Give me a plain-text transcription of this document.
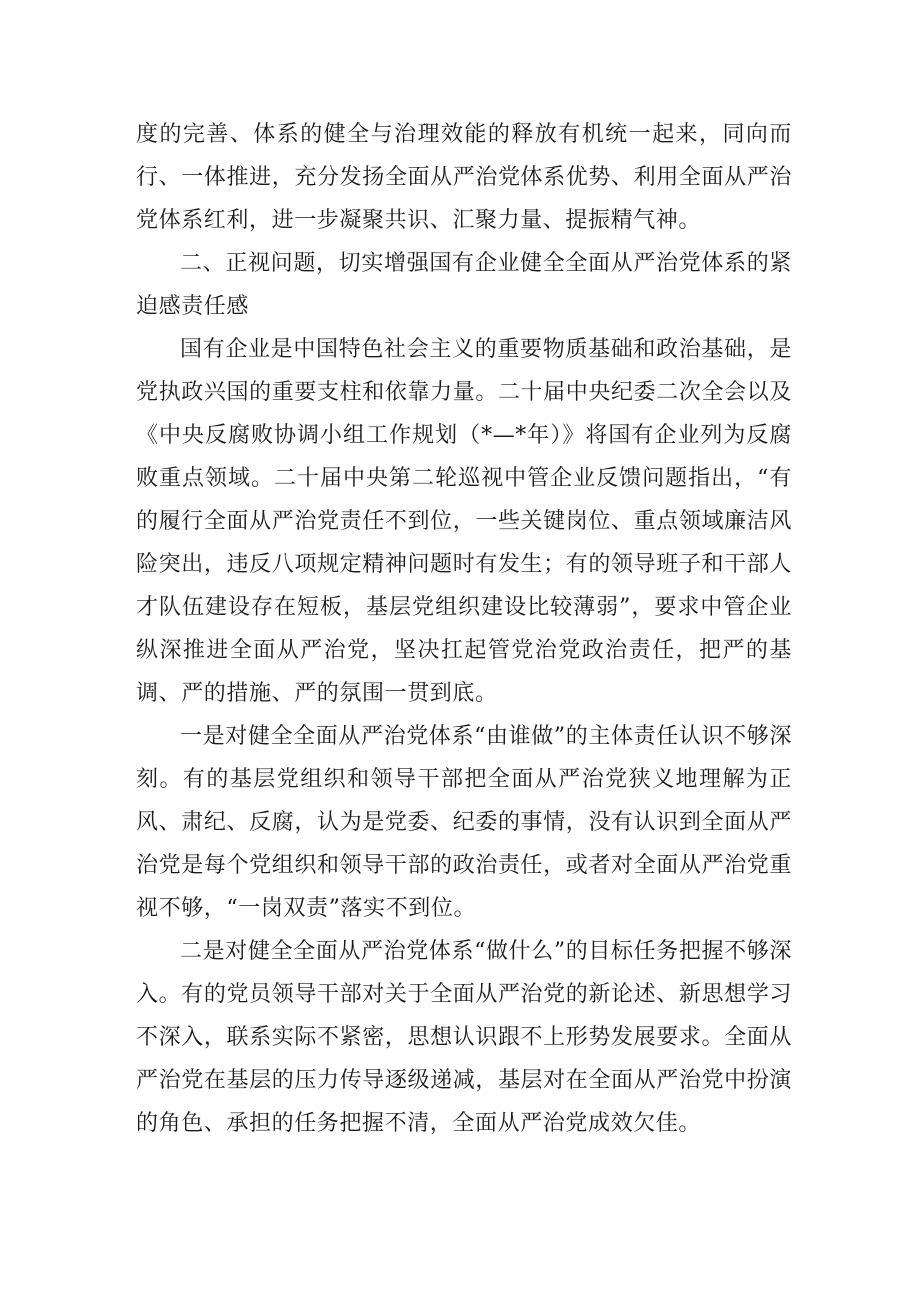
度的完善、体系的健全与治理效能的释放有机统一起来，同向而行、一体推进，充分发扬全面从严治党体系优势、利用全面从严治党体系红利，进一步凝聚共识、汇聚力量、提振精气神。

二、正视问题，切实增强国有企业健全全面从严治党体系的紧迫感责任感

国有企业是中国特色社会主义的重要物质基础和政治基础，是党执政兴国的重要支柱和依靠力量。二十届中央纪委二次全会以及《中央反腐败协调小组工作规划（*—*年）》将国有企业列为反腐败重点领域。二十届中央第二轮巡视中管企业反馈问题指出，“有的履行全面从严治党责任不到位，一些关键岗位、重点领域廉洁风险突出，违反八项规定精神问题时有发生；有的领导班子和干部人才队伍建设存在短板，基层党组织建设比较薄弱”，要求中管企业纵深推进全面从严治党，坚决扛起管党治党政治责任，把严的基调、严的措施、严的氛围一贯到底。

一是对健全全面从严治党体系“由谁做”的主体责任认识不够深刻。有的基层党组织和领导干部把全面从严治党狭义地理解为正风、肃纪、反腐，认为是党委、纪委的事情，没有认识到全面从严治党是每个党组织和领导干部的政治责任，或者对全面从严治党重视不够，“一岗双责”落实不到位。

二是对健全全面从严治党体系“做什么”的目标任务把握不够深入。有的党员领导干部对关于全面从严治党的新论述、新思想学习不深入，联系实际不紧密，思想认识跟不上形势发展要求。全面从严治党在基层的压力传导逐级递减，基层对在全面从严治党中扮演的角色、承担的任务把握不清，全面从严治党成效欠佳。
